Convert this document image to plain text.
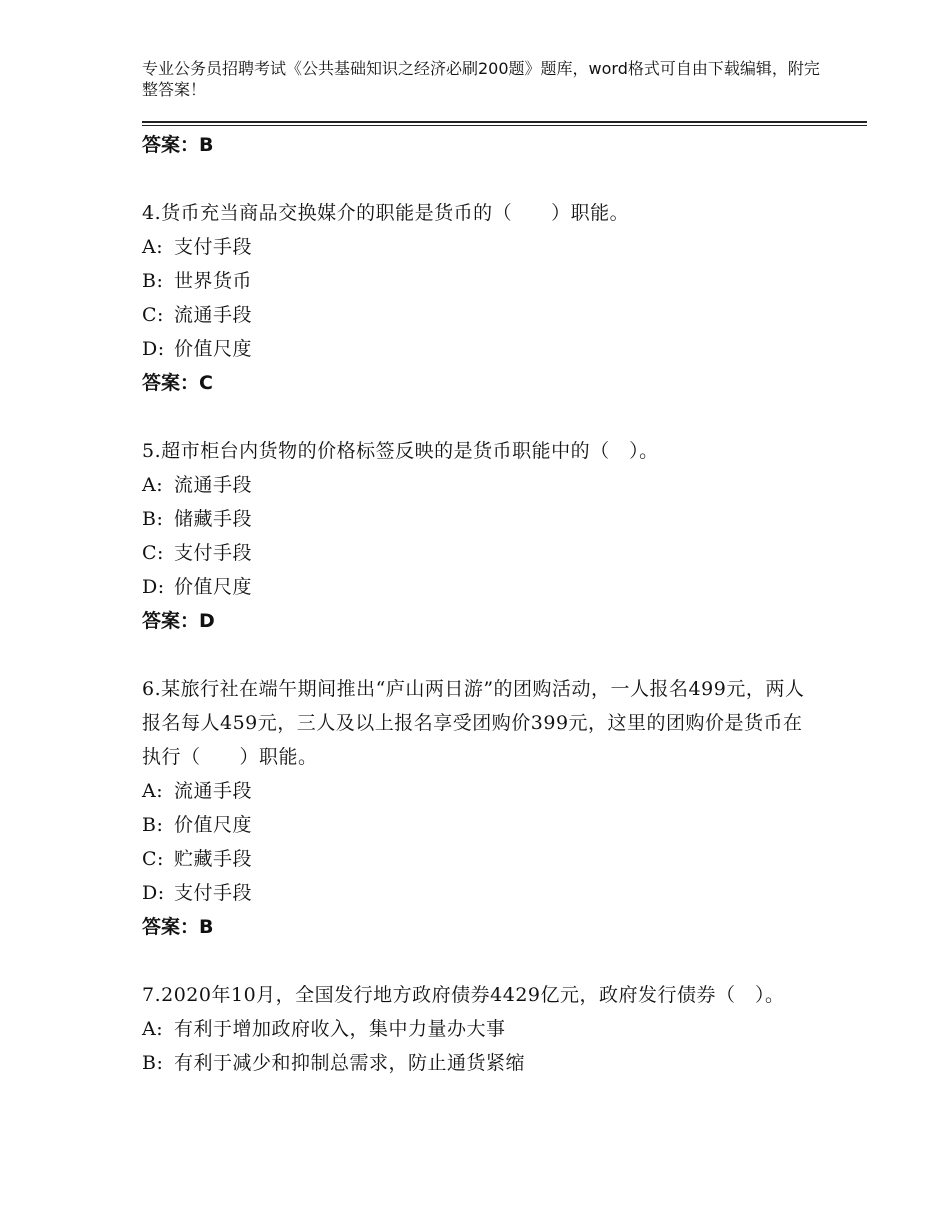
专业公务员招聘考试《公共基础知识之经济必刷200题》题库，word格式可自由下载编辑，附完整答案！
答案：B
4.货币充当商品交换媒介的职能是货币的（　　）职能。
A: 支付手段
B: 世界货币
C: 流通手段
D: 价值尺度
答案：C
5.超市柜台内货物的价格标签反映的是货币职能中的（　）。
A: 流通手段
B: 储藏手段
C: 支付手段
D: 价值尺度
答案：D
6.某旅行社在端午期间推出“庐山两日游”的团购活动，一人报名499元，两人报名每人459元，三人及以上报名享受团购价399元，这里的团购价是货币在执行（　　）职能。
A: 流通手段
B: 价值尺度
C: 贮藏手段
D: 支付手段
答案：B
7.2020年10月，全国发行地方政府债券4429亿元，政府发行债券（　）。
A: 有利于增加政府收入，集中力量办大事
B: 有利于减少和抑制总需求，防止通货紧缩
